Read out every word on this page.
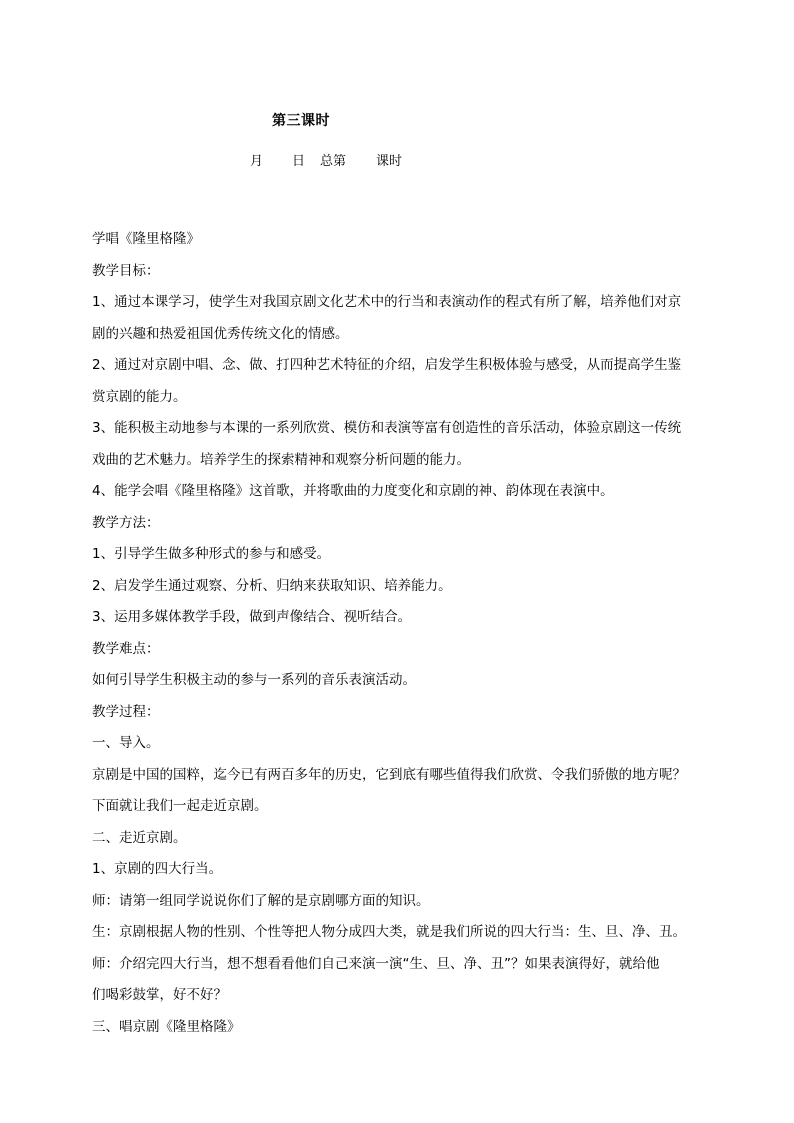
第三课时
月 日 总第 课时
学唱《隆里格隆》
教学目标：
1、通过本课学习，使学生对我国京剧文化艺术中的行当和表演动作的程式有所了解，培养他们对京
剧的兴趣和热爱祖国优秀传统文化的情感。
2、通过对京剧中唱、念、做、打四种艺术特征的介绍，启发学生积极体验与感受，从而提高学生鉴
赏京剧的能力。
3、能积极主动地参与本课的一系列欣赏、模仿和表演等富有创造性的音乐活动，体验京剧这一传统
戏曲的艺术魅力。培养学生的探索精神和观察分析问题的能力。
4、能学会唱《隆里格隆》这首歌，并将歌曲的力度变化和京剧的神、韵体现在表演中。
教学方法：
1、引导学生做多种形式的参与和感受。
2、启发学生通过观察、分析、归纳来获取知识、培养能力。
3、运用多媒体教学手段，做到声像结合、视听结合。
教学难点：
如何引导学生积极主动的参与一系列的音乐表演活动。
教学过程：
一、导入。
京剧是中国的国粹，迄今已有两百多年的历史，它到底有哪些值得我们欣赏、令我们骄傲的地方呢？
下面就让我们一起走近京剧。
二、走近京剧。
1、京剧的四大行当。
师：请第一组同学说说你们了解的是京剧哪方面的知识。
生：京剧根据人物的性别、个性等把人物分成四大类，就是我们所说的四大行当：生、旦、净、丑。
师：介绍完四大行当，想不想看看他们自己来演一演“生、旦、净、丑”？如果表演得好，就给他
们喝彩鼓掌，好不好？
三、唱京剧《隆里格隆》
